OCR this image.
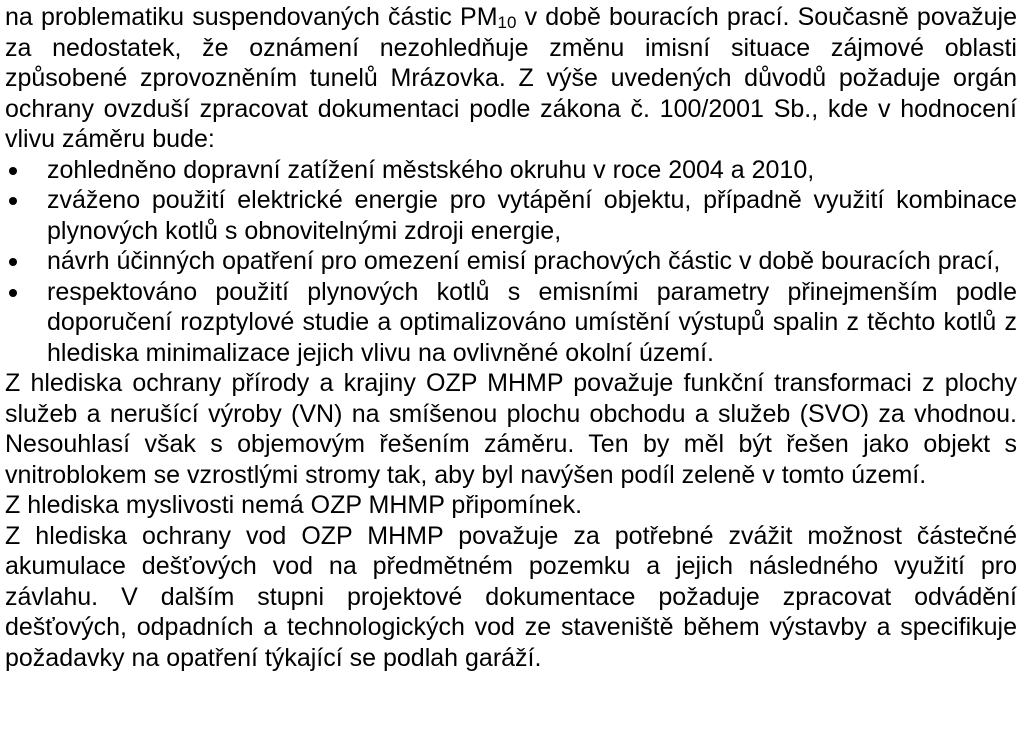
na problematiku suspendovaných částic $PM_{10}$ v době bouracích prací. Současně považuje za nedostatek, že oznámení nezohledňuje změnu imisní situace zájmové oblasti způsobené zprovozněním tunelů Mrázovka. Z výše uvedených důvodů požaduje orgán ochrany ovzduší zpracovat dokumentaci podle zákona č. 100/2001 Sb., kde v hodnocení vlivu záměru bude:

zohledněno dopravní zatížení městského okruhu v roce 2004 a 2010,
zváženo použití elektrické energie pro vytápění objektu, případně využití kombinace plynových kotlů s obnovitelnými zdroji energie,
návrh účinných opatření pro omezení emisí prachových částic v době bouracích prací,
respektováno použití plynových kotlů s emisními parametry přinejmenším podle doporučení rozptylové studie a optimalizováno umístění výstupů spalin z těchto kotlů z hlediska minimalizace jejich vlivu na ovlivněné okolní území.

Z hlediska ochrany přírody a krajiny OZP MHMP považuje funkční transformaci z plochy služeb a nerušící výroby (VN) na smíšenou plochu obchodu a služeb (SVO) za vhodnou. Nesouhlasí však s objemovým řešením záměru. Ten by měl být řešen jako objekt s vnitroblokem se vzrostlými stromy tak, aby byl navýšen podíl zeleně v tomto území.

Z hlediska myslivosti nemá OZP MHMP připomínek.

Z hlediska ochrany vod OZP MHMP považuje za potřebné zvážit možnost částečné akumulace dešťových vod na předmětném pozemku a jejich následného využití pro závlahu. V dalším stupni projektové dokumentace požaduje zpracovat odvádění dešťových, odpadních a technologických vod ze staveniště během výstavby a specifikuje požadavky na opatření týkající se podlah garáží.
